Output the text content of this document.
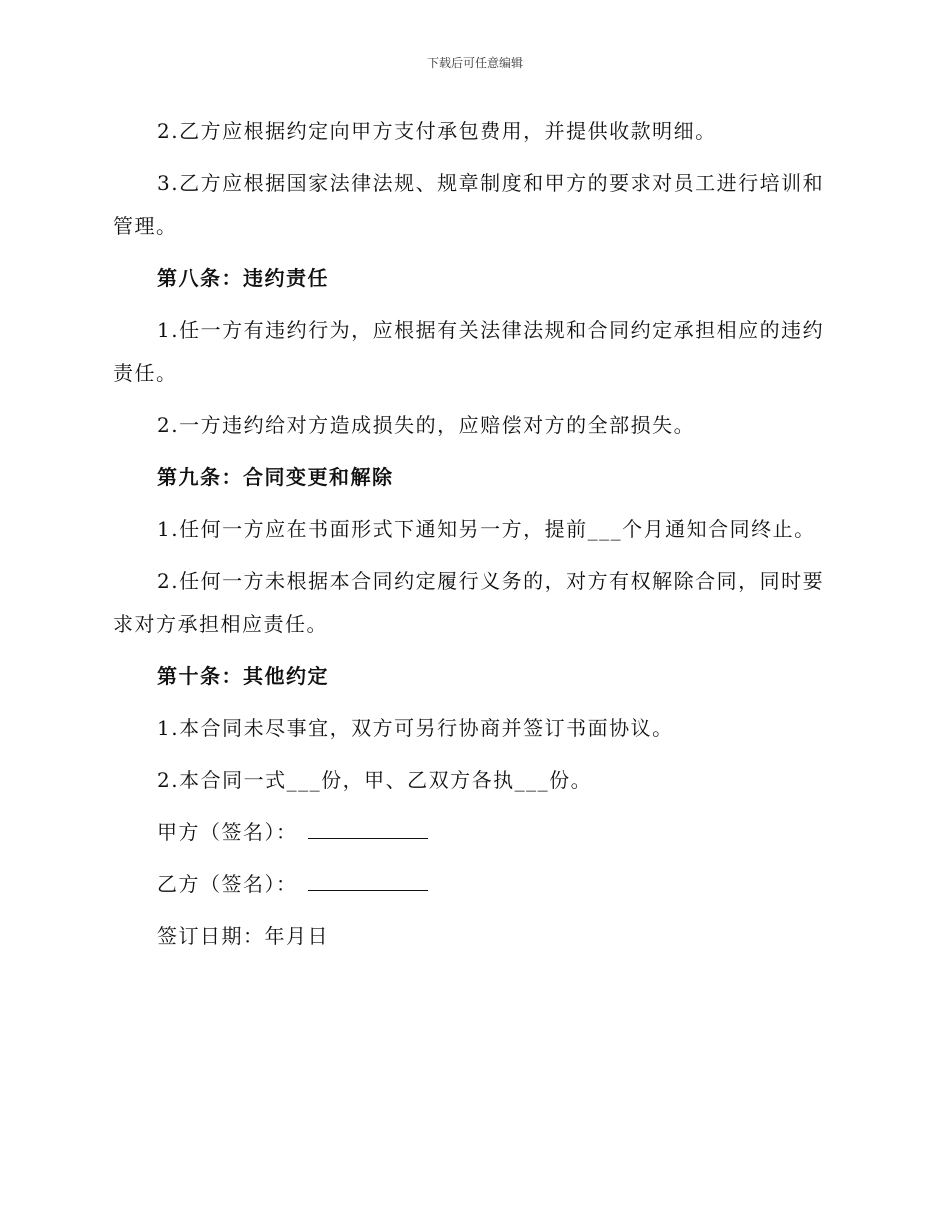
下载后可任意编辑

2.乙方应根据约定向甲方支付承包费用，并提供收款明细。

3.乙方应根据国家法律法规、规章制度和甲方的要求对员工进行培训和管理。

第八条：违约责任

1.任一方有违约行为，应根据有关法律法规和合同约定承担相应的违约责任。

2.一方违约给对方造成损失的，应赔偿对方的全部损失。

第九条：合同变更和解除

1.任何一方应在书面形式下通知另一方，提前___个月通知合同终止。

2.任何一方未根据本合同约定履行义务的，对方有权解除合同，同时要求对方承担相应责任。

第十条：其他约定

1.本合同未尽事宜，双方可另行协商并签订书面协议。

2.本合同一式___份，甲、乙双方各执___份。

甲方（签名）：

乙方（签名）：

签订日期：年月日
